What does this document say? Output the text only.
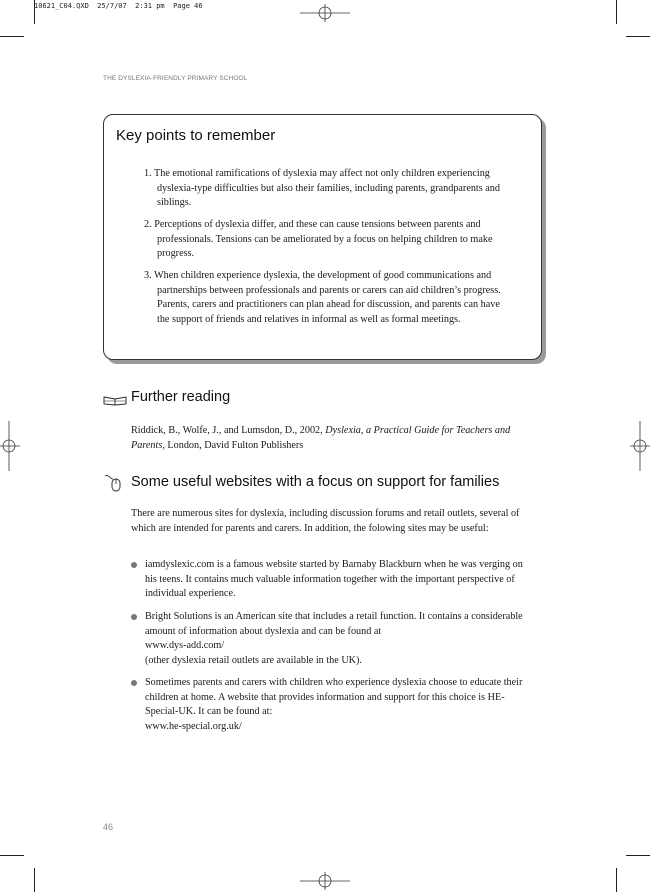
10621_C04.QXD  25/7/07  2:31 pm  Page 46
THE DYSLEXIA-FRIENDLY PRIMARY SCHOOL
Key points to remember
1. The emotional ramifications of dyslexia may affect not only children experiencing dyslexia-type difficulties but also their families, including parents, grandparents and siblings.
2. Perceptions of dyslexia differ, and these can cause tensions between parents and professionals. Tensions can be ameliorated by a focus on helping children to make progress.
3. When children experience dyslexia, the development of good communications and partnerships between professionals and parents or carers can aid children’s progress. Parents, carers and practitioners can plan ahead for discussion, and parents can have the support of friends and relatives in informal as well as formal meetings.
Further reading
Riddick, B., Wolfe, J., and Lumsdon, D., 2002, Dyslexia, a Practical Guide for Teachers and Parents, London, David Fulton Publishers
Some useful websites with a focus on support for families
There are numerous sites for dyslexia, including discussion forums and retail outlets, several of which are intended for parents and carers. In addition, the folowing sites may be useful:
iamdyslexic.com is a famous website started by Barnaby Blackburn when he was verging on his teens. It contains much valuable information together with the important perspective of individual experience.
Bright Solutions is an American site that includes a retail function. It contains a considerable amount of information about dyslexia and can be found at
www.dys-add.com/
(other dyslexia retail outlets are available in the UK).
Sometimes parents and carers with children who experience dyslexia choose to educate their children at home. A website that provides information and support for this choice is HE-Special-UK. It can be found at:
www.he-special.org.uk/
46
